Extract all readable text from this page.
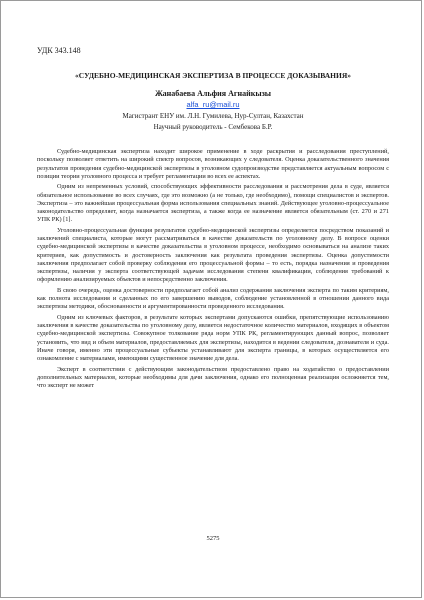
УДК 343.148
«СУДЕБНО-МЕДИЦИНСКАЯ ЭКСПЕРТИЗА В ПРОЦЕССЕ ДОКАЗЫВАНИЯ»
Жанабаева Альфия Агнайкызы
alfa_ru@mail.ru
Магистрант ЕНУ им. Л.Н. Гумилева, Нур-Султан, Казахстан
Научный руководитель - Сембекова Б.Р.

Судебно-медицинская экспертиза находит широкое применение в ходе раскрытия и расследования преступлений, поскольку позволяет ответить на широкий спектр вопросов, возникающих у следователя. Оценка доказательственного значения результатов проведения судебно-медицинской экспертизы в уголовном судопроизводстве представляется актуальным вопросом с позиции теории уголовного процесса и требует регламентации во всех ее аспектах.

Одним из непременных условий, способствующих эффективности расследования и рассмотрения дела в суде, является обязательное использование во всех случаях, где это возможно (а не только, где необходимо), помощи специалистов и экспертов. Экспертиза – это важнейшая процессуальная форма использования специальных знаний. Действующее уголовно-процессуальное законодательство определяет, когда назначается экспертиза, а также когда ее назначение является обязательным (ст. 270 и 271 УПК РК) [1].

Уголовно-процессуальная функция результатов судебно-медицинской экспертизы определяется посредством показаний и заключений специалиста, которые могут рассматриваться в качестве доказательств по уголовному делу. В вопросе оценки судебно-медицинской экспертизы в качестве доказательства в уголовном процессе, необходимо основываться на анализе таких критериев, как допустимость и достоверность заключения как результата проведения экспертизы. Оценка допустимости заключения предполагает собой проверку соблюдения его процессуальной формы – то есть, порядка назначения и проведения экспертизы, наличия у эксперта соответствующей задачам исследования степени квалификации, соблюдения требований к оформлению анализируемых объектов и непосредственно заключения.

В свою очередь, оценка достоверности предполагает собой анализ содержания заключения эксперта по таким критериям, как полнота исследования и сделанных по его завершению выводов, соблюдение установленной в отношении данного вида экспертизы методики, обоснованности и аргументированности проведенного исследования.

Одним из ключевых факторов, в результате которых экспертами допускаются ошибки, препятствующие использованию заключения в качестве доказательства по уголовному делу, является недостаточное количество материалов, входящих в объектом судебно-медицинской экспертизы. Совокупное толкование ряда норм УПК РК, регламентирующих данный вопрос, позволяет установить, что вид и объем материалов, предоставляемых для экспертизы, находится в ведении следователя, дознавателя и суда. Иначе говоря, именно эти процессуальные субъекты устанавливают для эксперта границы, в которых осуществляется его ознакомление с материалами, имеющими существенное значение для дела.

Эксперт в соответствии с действующим законодательством предоставлено право на ходатайство о предоставлении дополнительных материалов, которые необходимы для дачи заключения, однако его полноценная реализация осложняется тем, что эксперт не может

5275
